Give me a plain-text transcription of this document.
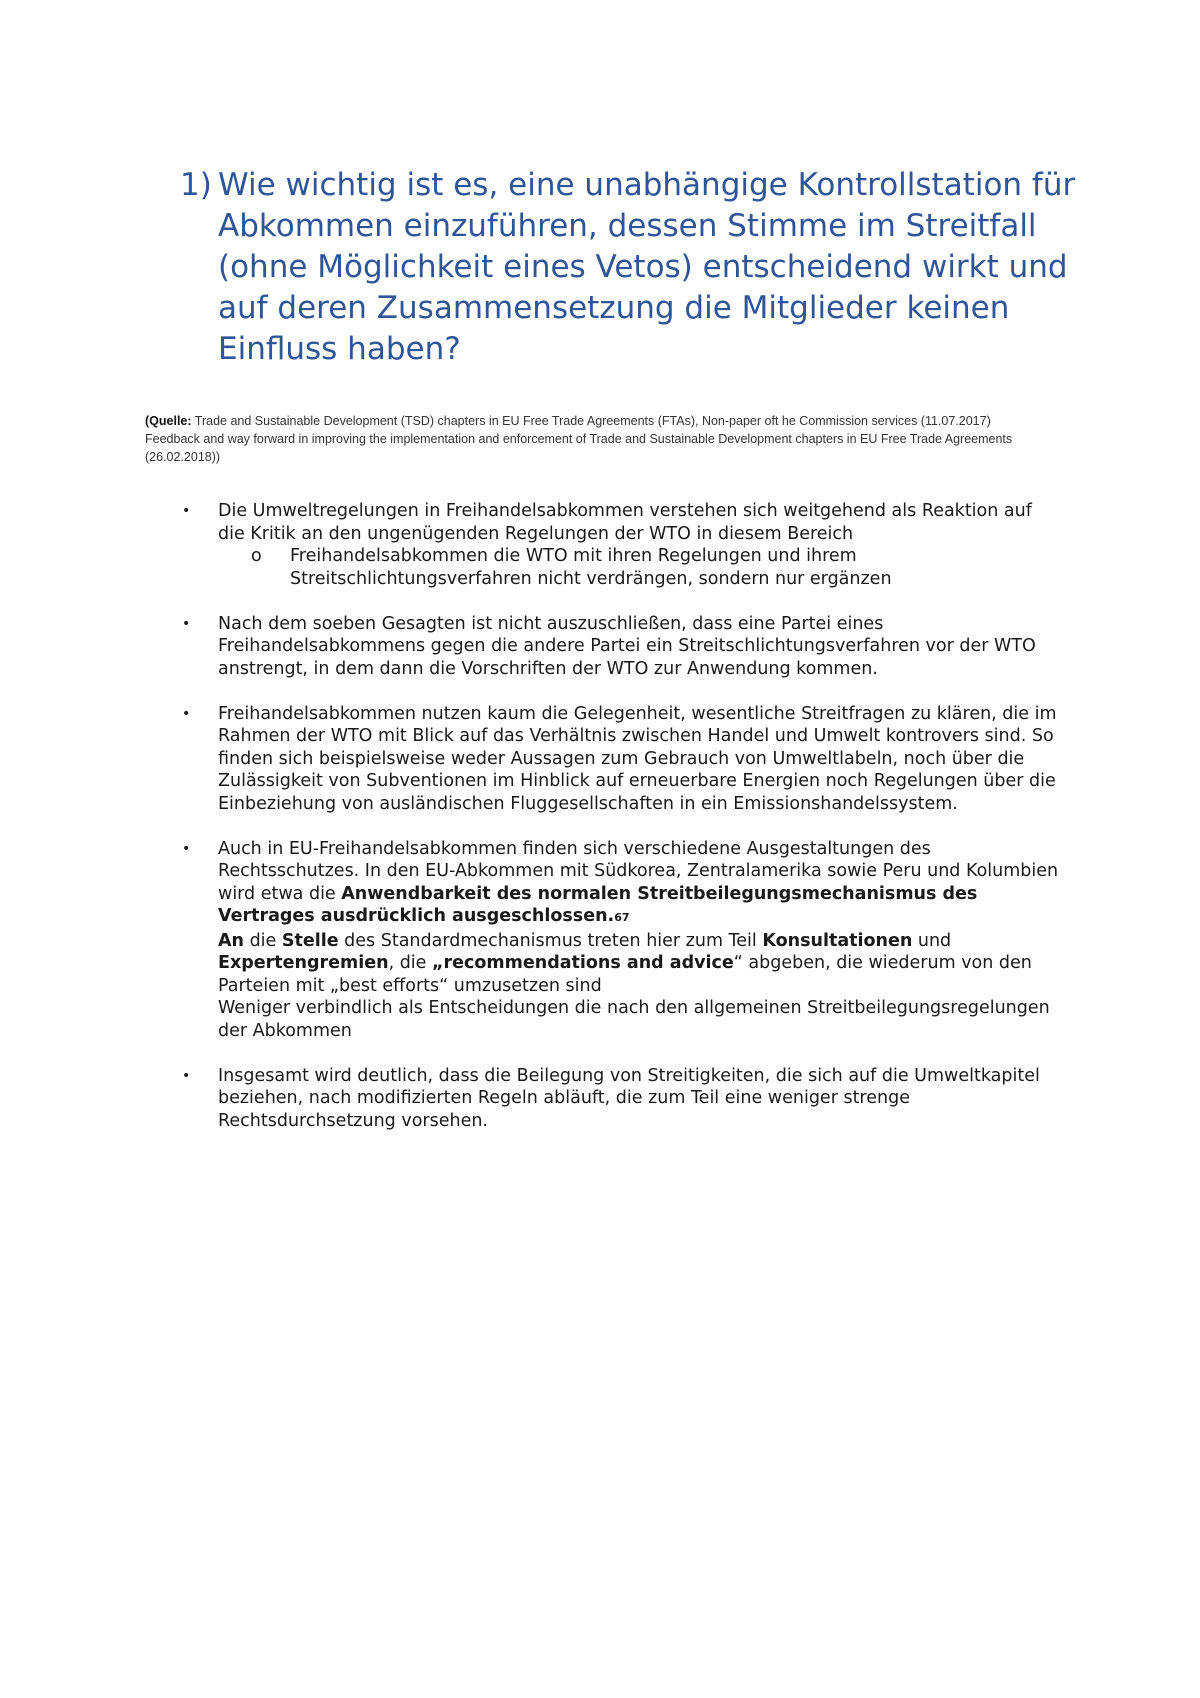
1) Wie wichtig ist es, eine unabhängige Kontrollstation für Abkommen einzuführen, dessen Stimme im Streitfall (ohne Möglichkeit eines Vetos) entscheidend wirkt und auf deren Zusammensetzung die Mitglieder keinen Einfluss haben?
(Quelle: Trade and Sustainable Development (TSD) chapters in EU Free Trade Agreements (FTAs), Non-paper oft he Commission services (11.07.2017)
Feedback and way forward in improving the implementation and enforcement of Trade and Sustainable Development chapters in EU Free Trade Agreements (26.02.2018))
• Die Umweltregelungen in Freihandelsabkommen verstehen sich weitgehend als Reaktion auf die Kritik an den ungenügenden Regelungen der WTO in diesem Bereich
o Freihandelsabkommen die WTO mit ihren Regelungen und ihrem Streitschlichtungsverfahren nicht verdrängen, sondern nur ergänzen
• Nach dem soeben Gesagten ist nicht auszuschließen, dass eine Partei eines Freihandelsabkommens gegen die andere Partei ein Streitschlichtungsverfahren vor der WTO anstrengt, in dem dann die Vorschriften der WTO zur Anwendung kommen.
• Freihandelsabkommen nutzen kaum die Gelegenheit, wesentliche Streitfragen zu klären, die im Rahmen der WTO mit Blick auf das Verhältnis zwischen Handel und Umwelt kontrovers sind. So finden sich beispielsweise weder Aussagen zum Gebrauch von Umweltlabeln, noch über die Zulässigkeit von Subventionen im Hinblick auf erneuerbare Energien noch Regelungen über die Einbeziehung von ausländischen Fluggesellschaften in ein Emissionshandelssystem.
• Auch in EU-Freihandelsabkommen finden sich verschiedene Ausgestaltungen des Rechtsschutzes. In den EU-Abkommen mit Südkorea, Zentralamerika sowie Peru und Kolumbien wird etwa die Anwendbarkeit des normalen Streitbeilegungsmechanismus des Vertrages ausdrücklich ausgeschlossen.67
An die Stelle des Standardmechanismus treten hier zum Teil Konsultationen und Expertengremien, die „recommendations and advice“ abgeben, die wiederum von den Parteien mit „best efforts“ umzusetzen sind
Weniger verbindlich als Entscheidungen die nach den allgemeinen Streitbeilegungsregelungen der Abkommen
• Insgesamt wird deutlich, dass die Beilegung von Streitigkeiten, die sich auf die Umweltkapitel beziehen, nach modifizierten Regeln abläuft, die zum Teil eine weniger strenge Rechtsdurchsetzung vorsehen.
